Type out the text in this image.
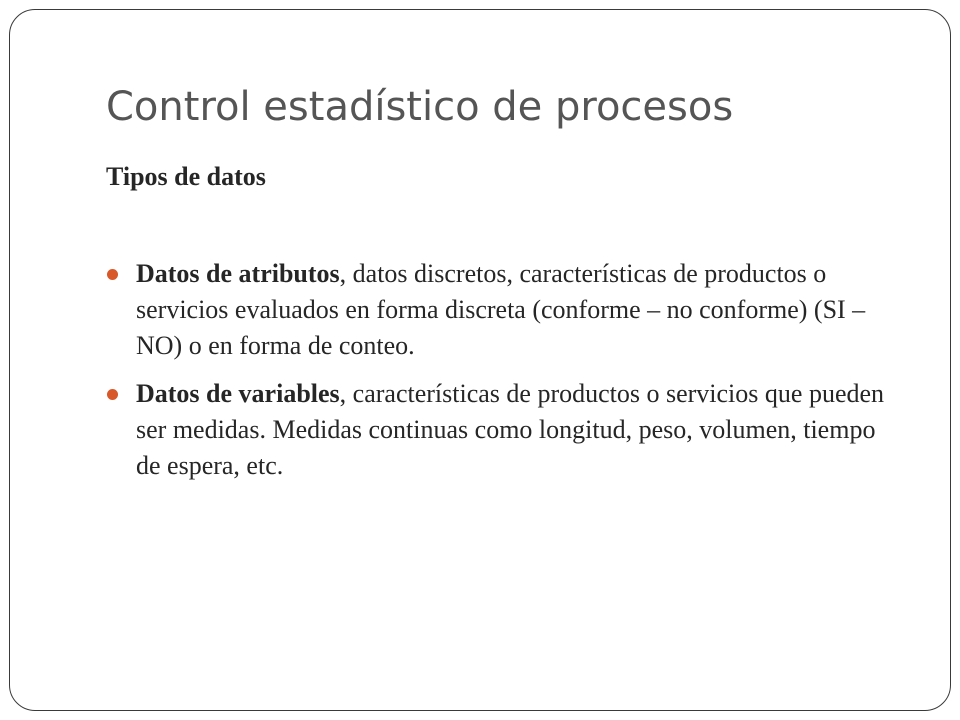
Control estadístico de procesos

Tipos de datos

Datos de atributos, datos discretos, características de productos o servicios evaluados en forma discreta (conforme – no conforme) (SI – NO) o en forma de conteo.
Datos de variables, características de productos o servicios que pueden ser medidas. Medidas continuas como longitud, peso, volumen, tiempo de espera, etc.
